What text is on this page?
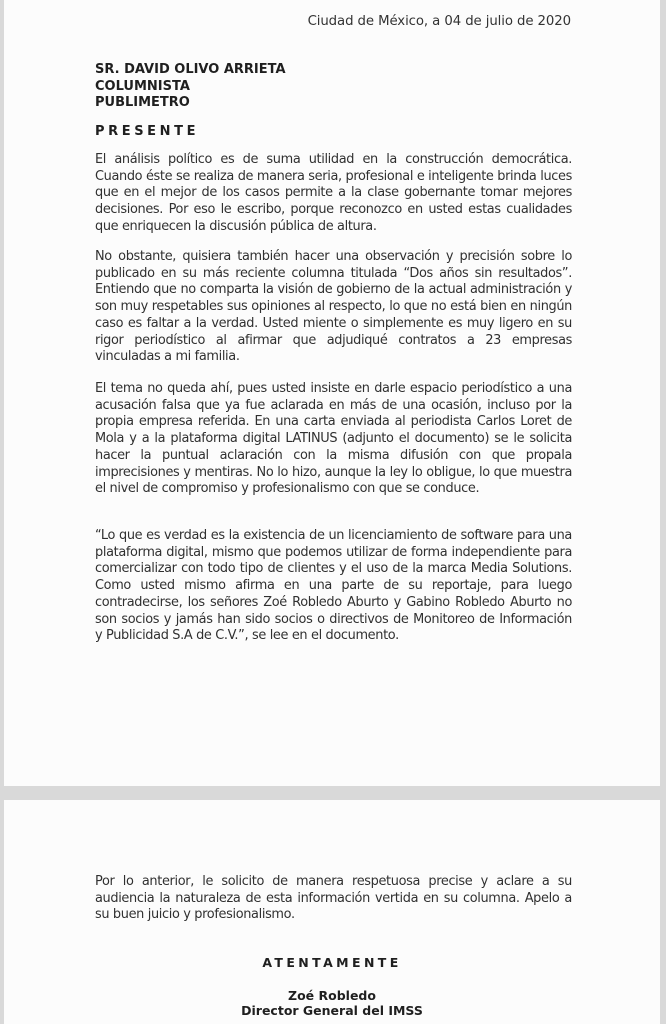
Ciudad de México, a 04 de julio de 2020
SR. DAVID OLIVO ARRIETA
COLUMNISTA
PUBLIMETRO
PRESENTE
El análisis político es de suma utilidad en la construcción democrática. Cuando éste se realiza de manera seria, profesional e inteligente brinda luces que en el mejor de los casos permite a la clase gobernante tomar mejores decisiones. Por eso le escribo, porque reconozco en usted estas cualidades que enriquecen la discusión pública de altura.
No obstante, quisiera también hacer una observación y precisión sobre lo publicado en su más reciente columna titulada “Dos años sin resultados”. Entiendo que no comparta la visión de gobierno de la actual administración y son muy respetables sus opiniones al respecto, lo que no está bien en ningún caso es faltar a la verdad. Usted miente o simplemente es muy ligero en su rigor periodístico al afirmar que adjudiqué contratos a 23 empresas vinculadas a mi familia.
El tema no queda ahí, pues usted insiste en darle espacio periodístico a una acusación falsa que ya fue aclarada en más de una ocasión, incluso por la propia empresa referida. En una carta enviada al periodista Carlos Loret de Mola y a la plataforma digital LATINUS (adjunto el documento) se le solicita hacer la puntual aclaración con la misma difusión con que propala imprecisiones y mentiras. No lo hizo, aunque la ley lo obligue, lo que muestra el nivel de compromiso y profesionalismo con que se conduce.
“Lo que es verdad es la existencia de un licenciamiento de software para una plataforma digital, mismo que podemos utilizar de forma independiente para comercializar con todo tipo de clientes y el uso de la marca Media Solutions. Como usted mismo afirma en una parte de su reportaje, para luego contradecirse, los señores Zoé Robledo Aburto y Gabino Robledo Aburto no son socios y jamás han sido socios o directivos de Monitoreo de Información y Publicidad S.A de C.V.”, se lee en el documento.
Por lo anterior, le solicito de manera respetuosa precise y aclare a su audiencia la naturaleza de esta información vertida en su columna. Apelo a su buen juicio y profesionalismo.
ATENTAMENTE
Zoé Robledo
Director General del IMSS
